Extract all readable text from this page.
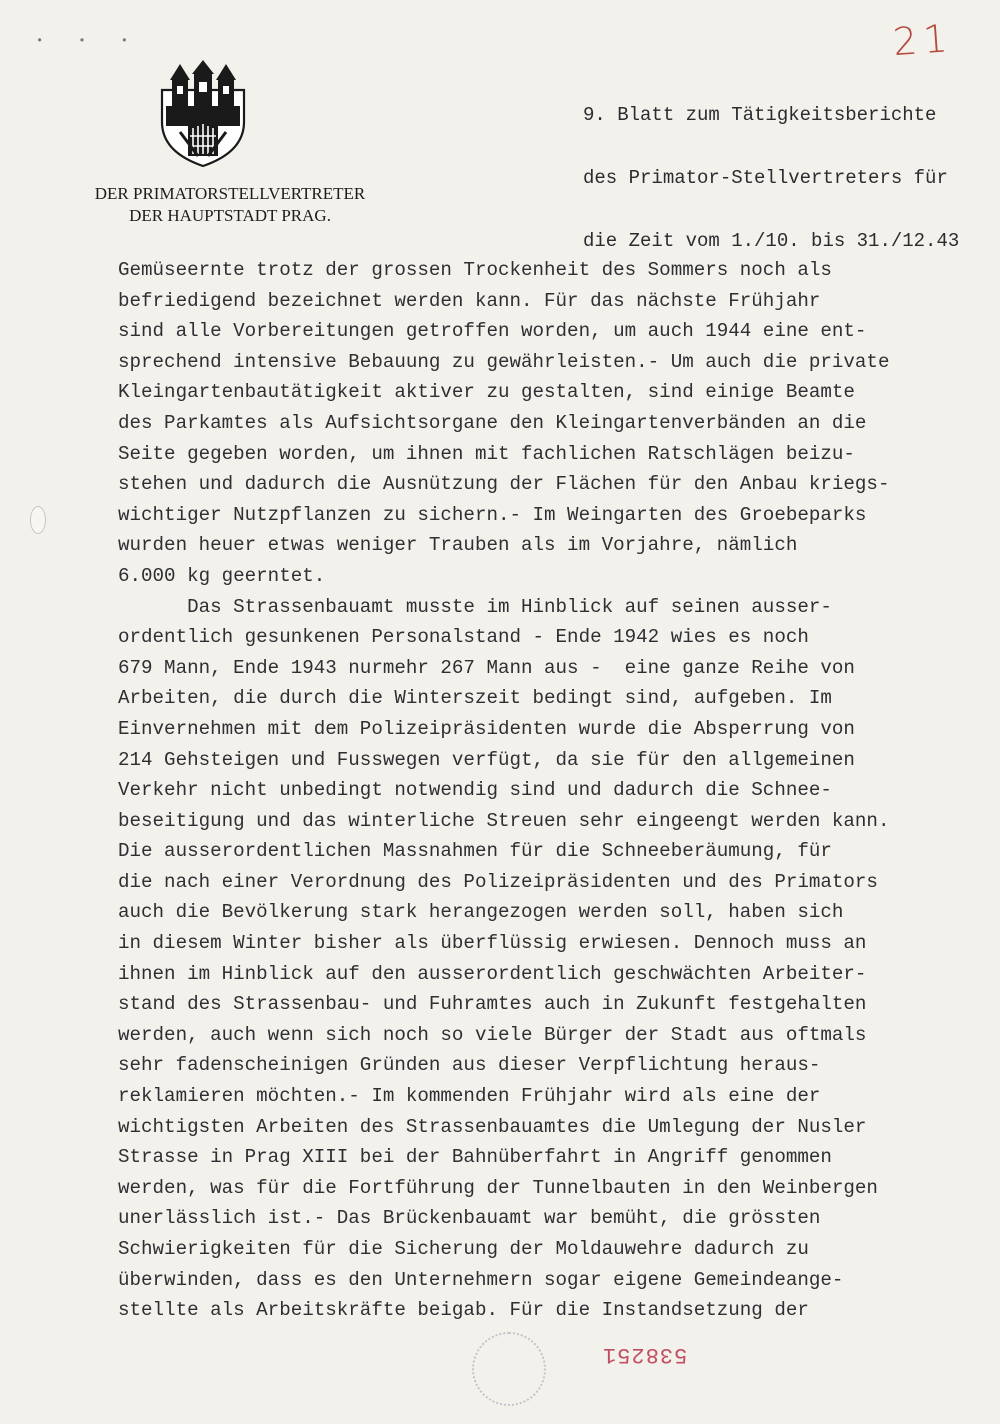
• • •	21
DER PRIMATORSTELLVERTRETER
DER HAUPTSTADT PRAG.

9. Blatt zum Tätigkeitsberichte

des Primator-Stellvertreters für

die Zeit vom 1./10. bis 31./12.43

Gemüseernte trotz der grossen Trockenheit des Sommers noch als
befriedigend bezeichnet werden kann. Für das nächste Frühjahr
sind alle Vorbereitungen getroffen worden, um auch 1944 eine ent-
sprechend intensive Bebauung zu gewährleisten.- Um auch die private
Kleingartenbautätigkeit aktiver zu gestalten, sind einige Beamte
des Parkamtes als Aufsichtsorgane den Kleingartenverbänden an die
Seite gegeben worden, um ihnen mit fachlichen Ratschlägen beizu-
stehen und dadurch die Ausnützung der Flächen für den Anbau kriegs-
wichtiger Nutzpflanzen zu sichern.- Im Weingarten des Groebeparks
wurden heuer etwas weniger Trauben als im Vorjahre, nämlich
6.000 kg geerntet.
Das Strassenbauamt musste im Hinblick auf seinen ausser-
ordentlich gesunkenen Personalstand - Ende 1942 wies es noch
679 Mann, Ende 1943 nurmehr 267 Mann aus -  eine ganze Reihe von
Arbeiten, die durch die Winterszeit bedingt sind, aufgeben. Im
Einvernehmen mit dem Polizeipräsidenten wurde die Absperrung von
214 Gehsteigen und Fusswegen verfügt, da sie für den allgemeinen
Verkehr nicht unbedingt notwendig sind und dadurch die Schnee-
beseitigung und das winterliche Streuen sehr eingeengt werden kann.
Die ausserordentlichen Massnahmen für die Schneeberäumung, für
die nach einer Verordnung des Polizeipräsidenten und des Primators
auch die Bevölkerung stark herangezogen werden soll, haben sich
in diesem Winter bisher als überflüssig erwiesen. Dennoch muss an
ihnen im Hinblick auf den ausserordentlich geschwächten Arbeiter-
stand des Strassenbau- und Fuhramtes auch in Zukunft festgehalten
werden, auch wenn sich noch so viele Bürger der Stadt aus oftmals
sehr fadenscheinigen Gründen aus dieser Verpflichtung heraus-
reklamieren möchten.- Im kommenden Frühjahr wird als eine der
wichtigsten Arbeiten des Strassenbauamtes die Umlegung der Nusler
Strasse in Prag XIII bei der Bahnüberfahrt in Angriff genommen
werden, was für die Fortführung der Tunnelbauten in den Weinbergen
unerlässlich ist.- Das Brückenbauamt war bemüht, die grössten
Schwierigkeiten für die Sicherung der Moldauwehre dadurch zu
überwinden, dass es den Unternehmern sogar eigene Gemeindeange-
stellte als Arbeitskräfte beigab. Für die Instandsetzung der
538251
